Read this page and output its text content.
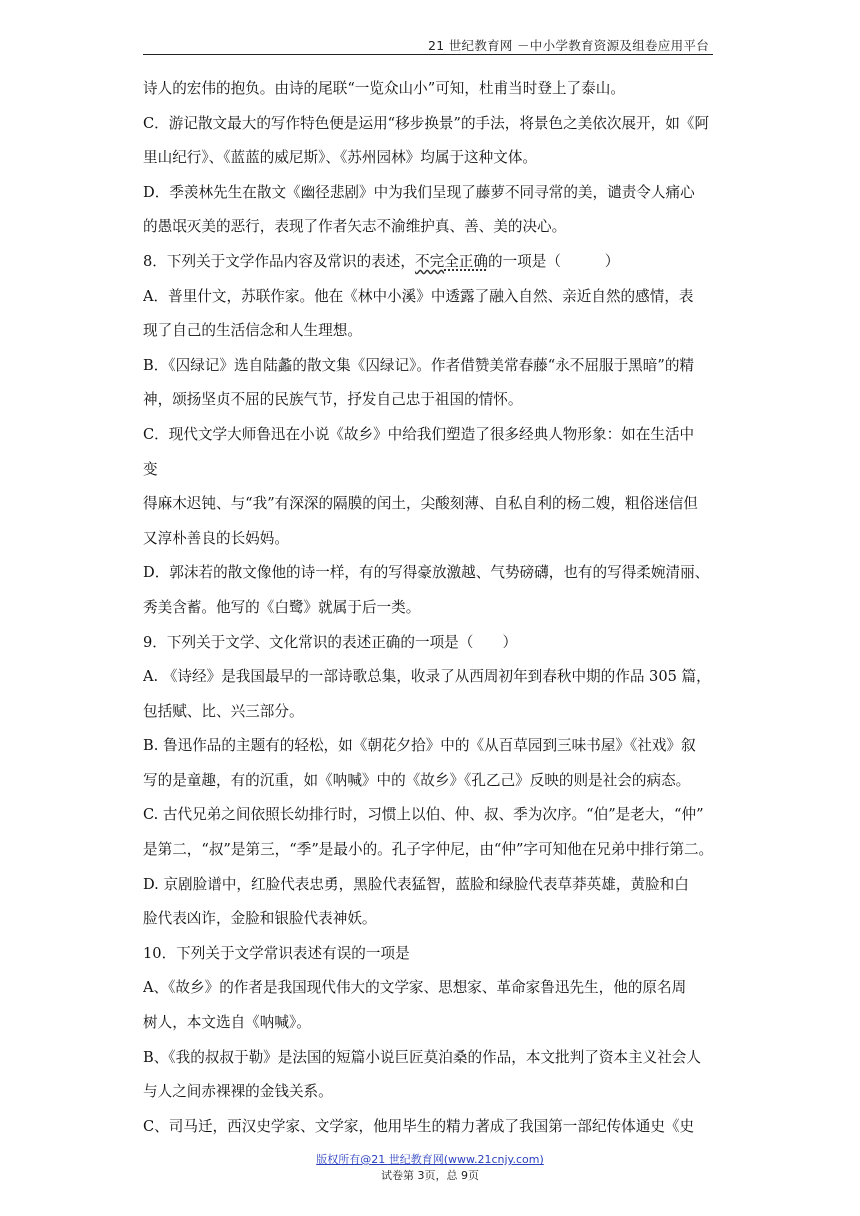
21 世纪教育网 －中小学教育资源及组卷应用平台
诗人的宏伟的抱负。由诗的尾联“一览众山小”可知，杜甫当时登上了泰山。
C．游记散文最大的写作特色便是运用“移步换景”的手法，将景色之美依次展开，如《阿
里山纪行》、《蓝蓝的威尼斯》、《苏州园林》均属于这种文体。
D．季羡林先生在散文《幽径悲剧》中为我们呈现了藤萝不同寻常的美，谴责令人痛心
的愚氓灭美的恶行，表现了作者矢志不渝维护真、善、美的决心。
8．下列关于文学作品内容及常识的表述，不完全正确的一项是（　　　）
A．普里什文，苏联作家。他在《林中小溪》中透露了融入自然、亲近自然的感情，表
现了自己的生活信念和人生理想。
B．《囚绿记》选自陆蠡的散文集《囚绿记》。作者借赞美常春藤“永不屈服于黑暗”的精
神，颂扬坚贞不屈的民族气节，抒发自己忠于祖国的情怀。
C．现代文学大师鲁迅在小说《故乡》中给我们塑造了很多经典人物形象：如在生活中
变
得麻木迟钝、与“我”有深深的隔膜的闰土，尖酸刻薄、自私自利的杨二嫂，粗俗迷信但
又淳朴善良的长妈妈。
D．郭沫若的散文像他的诗一样，有的写得豪放激越、气势磅礴，也有的写得柔婉清丽、
秀美含蓄。他写的《白鹭》就属于后一类。
9．下列关于文学、文化常识的表述正确的一项是（　　）
A. 《诗经》是我国最早的一部诗歌总集，收录了从西周初年到春秋中期的作品 305 篇，
包括赋、比、兴三部分。
B. 鲁迅作品的主题有的轻松，如《朝花夕拾》中的《从百草园到三味书屋》《社戏》叙
写的是童趣，有的沉重，如《呐喊》中的《故乡》《孔乙己》反映的则是社会的病态。
C. 古代兄弟之间依照长幼排行时，习惯上以伯、仲、叔、季为次序。“伯”是老大，“仲”
是第二，“叔”是第三，“季”是最小的。孔子字仲尼，由“仲”字可知他在兄弟中排行第二。
D. 京剧脸谱中，红脸代表忠勇，黑脸代表猛智，蓝脸和绿脸代表草莽英雄，黄脸和白
脸代表凶诈，金脸和银脸代表神妖。
10．下列关于文学常识表述有误的一项是
A、《故乡》的作者是我国现代伟大的文学家、思想家、革命家鲁迅先生，他的原名周
树人，本文选自《呐喊》。
B、《我的叔叔于勒》是法国的短篇小说巨匠莫泊桑的作品，本文批判了资本主义社会人
与人之间赤裸裸的金钱关系。
C、司马迁，西汉史学家、文学家，他用毕生的精力著成了我国第一部纪传体通史《史
版权所有@21 世纪教育网(www.21cnjy.com)
试卷第 3页，总 9页
